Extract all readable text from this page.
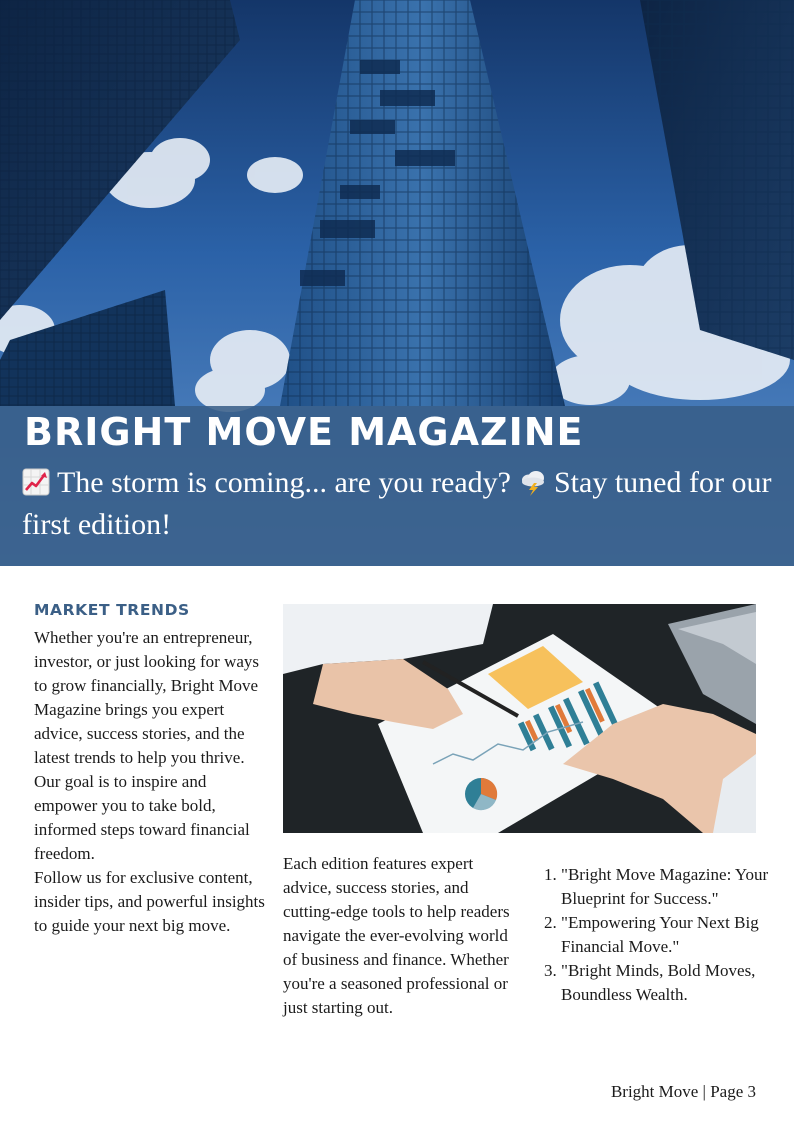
BRIGHT MOVE MAGAZINE

The storm is coming... are you ready? Stay tuned for our first edition!

MARKET TRENDS

Whether you're an entrepreneur, investor, or just looking for ways to grow financially, Bright Move Magazine brings you expert advice, success stories, and the latest trends to help you thrive. Our goal is to inspire and empower you to take bold, informed steps toward financial freedom.

Follow us for exclusive content, insider tips, and powerful insights to guide your next big move.

Each edition features expert advice, success stories, and cutting-edge tools to help readers navigate the ever-evolving world of business and finance. Whether you're a seasoned professional or just starting out.

1. "Bright Move Magazine: Your Blueprint for Success."
2. "Empowering Your Next Big Financial Move."
3. "Bright Minds, Bold Moves, Boundless Wealth.
Bright Move | Page 3
